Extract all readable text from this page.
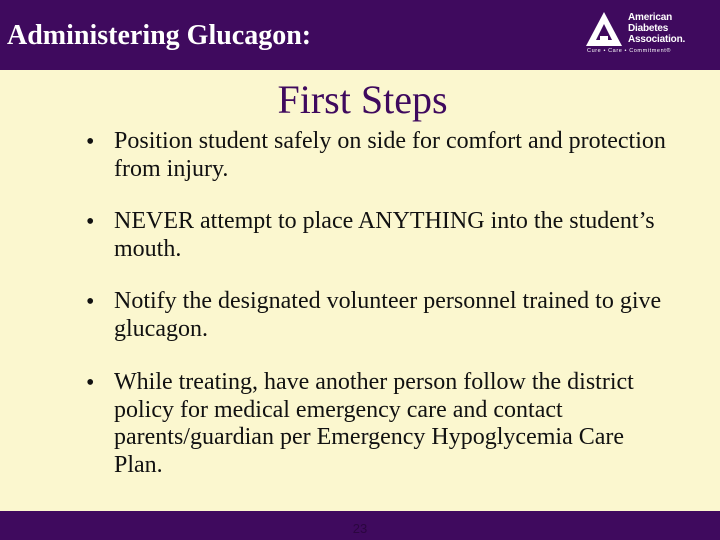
Administering Glucagon:
American
Diabetes
Association.
Cure • Care • Commitment®
First Steps
• Position student safely on side for comfort and protection from injury.
• NEVER attempt to place ANYTHING into the student’s mouth.
• Notify the designated volunteer personnel trained to give glucagon.
• While treating, have another person follow the district policy for medical emergency care and contact parents/guardian per Emergency Hypoglycemia Care Plan.
23
